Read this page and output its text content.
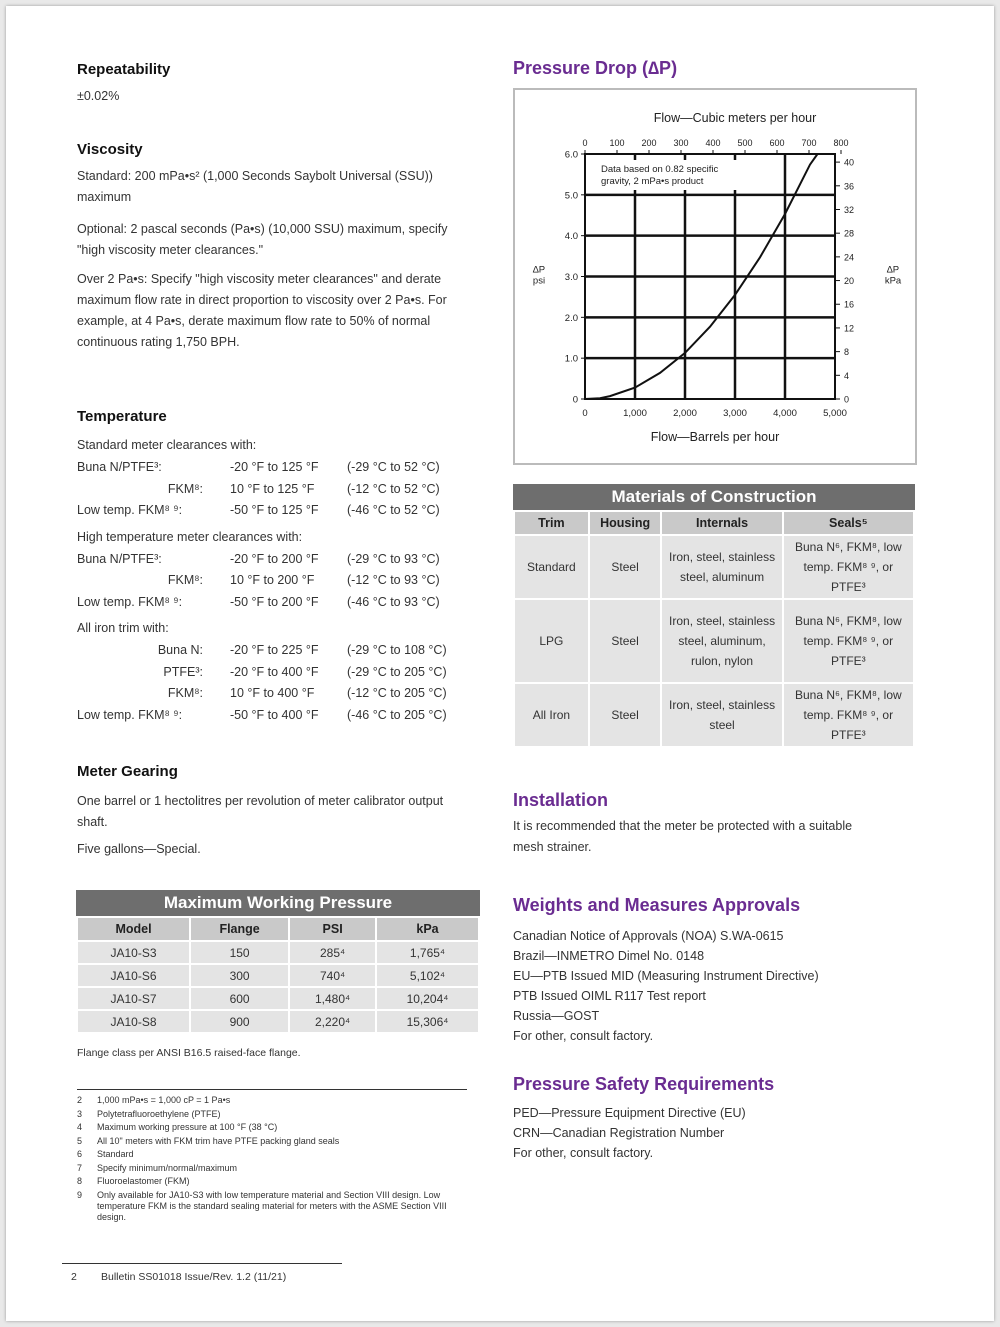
Repeatability
±0.02%
Viscosity
Standard: 200 mPa•s² (1,000 Seconds Saybolt Universal (SSU)) maximum
Optional: 2 pascal seconds (Pa•s) (10,000 SSU) maximum, specify "high viscosity meter clearances."
Over 2 Pa•s: Specify "high viscosity meter clearances" and derate maximum flow rate in direct proportion to viscosity over 2 Pa•s. For example, at 4 Pa•s, derate maximum flow rate to 50% of normal continuous rating 1,750 BPH.
Temperature
Standard meter clearances with:
Buna N/PTFE³:	-20 °F to 125 °F (-29 °C to 52 °C)
FKM⁸: 10 °F to 125 °F	(-12 °C to 52 °C)
Low temp. FKM⁸ ⁹:	-50 °F to 125 °F (-46 °C to 52 °C)
High temperature meter clearances with:
Buna N/PTFE³:	-20 °F to 200 °F (-29 °C to 93 °C)
FKM⁸: 10 °F to 200 °F	(-12 °C to 93 °C)
Low temp. FKM⁸ ⁹:	-50 °F to 200 °F (-46 °C to 93 °C)
All iron trim with:
Buna N: -20 °F to 225 °F (-29 °C to 108 °C)
PTFE³: -20 °F to 400 °F (-29 °C to 205 °C)
FKM⁸: 10 °F to 400 °F	(-12 °C to 205 °C)
Low temp. FKM⁸ ⁹:	-50 °F to 400 °F (-46 °C to 205 °C)
Meter Gearing
One barrel or 1 hectolitres per revolution of meter calibrator output shaft.
Five gallons—Special.
Maximum Working Pressure
Model	Flange	PSI	kPa
JA10-S3	150	285⁴	1,765⁴
JA10-S6	300	740⁴	5,102⁴
JA10-S7	600	1,480⁴	10,204⁴
JA10-S8	900	2,220⁴	15,306⁴
Flange class per ANSI B16.5 raised-face flange.
2 1,000 mPa•s = 1,000 cP = 1 Pa•s
3 Polytetrafluoroethylene (PTFE)
4 Maximum working pressure at 100 °F (38 °C)
5 All 10" meters with FKM trim have PTFE packing gland seals
6 Standard
7 Specify minimum/normal/maximum
8 Fluoroelastomer (FKM)
9 Only available for JA10-S3 with low temperature material and Section VIII design. Low temperature FKM is the standard sealing material for meters with the ASME Section VIII design.
2 Bulletin SS01018 Issue/Rev. 1.2 (11/21)
Pressure Drop (∆P)
Data based on 0.82 specific gravity, 2 mPa•s product
0	1,000	2,000	3,000	4,000	5,000
0 100 200 300 400 500 600 700 800
0
1.0
2.0
3.0
4.0
5.0
6.0
0
4
8
12
16
20
24
28
32
36
40
Flow—Cubic meters per hour
Flow—Barrels per hour
∆P psi
∆P kPa
Materials of Construction
Trim	Housing	Internals	Seals⁵
Standard	Steel	Iron, steel, stainless steel, aluminum	Buna N⁶, FKM⁸, low temp. FKM⁸ ⁹, or PTFE³
LPG	Steel	Iron, steel, stainless steel, aluminum, rulon, nylon	Buna N⁶, FKM⁸, low temp. FKM⁸ ⁹, or PTFE³
All Iron	Steel	Iron, steel, stainless steel	Buna N⁶, FKM⁸, low temp. FKM⁸ ⁹, or PTFE³
Installation
It is recommended that the meter be protected with a suitable mesh strainer.
Weights and Measures Approvals
Canadian Notice of Approvals (NOA) S.WA-0615
Brazil—INMETRO Dimel No. 0148
EU—PTB Issued MID (Measuring Instrument Directive)
PTB Issued OIML R117 Test report
Russia—GOST
For other, consult factory.
Pressure Safety Requirements
PED—Pressure Equipment Directive (EU)
CRN—Canadian Registration Number
For other, consult factory.
